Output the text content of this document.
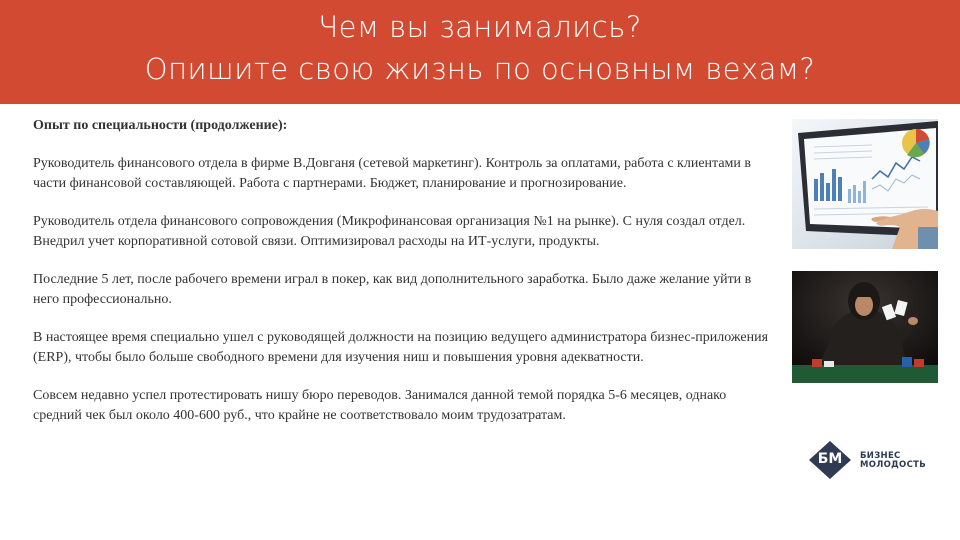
Чем вы занимались?
Опишите свою жизнь по основным вехам?
Опыт по специальности (продолжение):
Руководитель финансового отдела в фирме В.Довганя (сетевой маркетинг). Контроль за оплатами, работа с клиентами в части финансовой составляющей. Работа с партнерами. Бюджет, планирование и прогнозирование.
Руководитель отдела финансового сопровождения (Микрофинансовая организация №1 на рынке). С нуля создал отдел. Внедрил учет корпоративной сотовой связи. Оптимизировал расходы на ИТ-услуги, продукты.
Последние 5 лет, после рабочего времени играл в покер, как вид дополнительного заработка. Было даже желание уйти в него профессионально.
В настоящее время специально ушел с руководящей должности на позицию ведущего администратора бизнес-приложения (ERP), чтобы было больше свободного времени для изучения ниш и повышения уровня адекватности.
Совсем недавно успел протестировать нишу бюро переводов. Занимался данной темой порядка 5-6 месяцев, однако средний чек был около 400-600 руб., что крайне не соответствовало моим трудозатратам.
БМ	БИЗНЕС
МОЛОДОСТЬ
